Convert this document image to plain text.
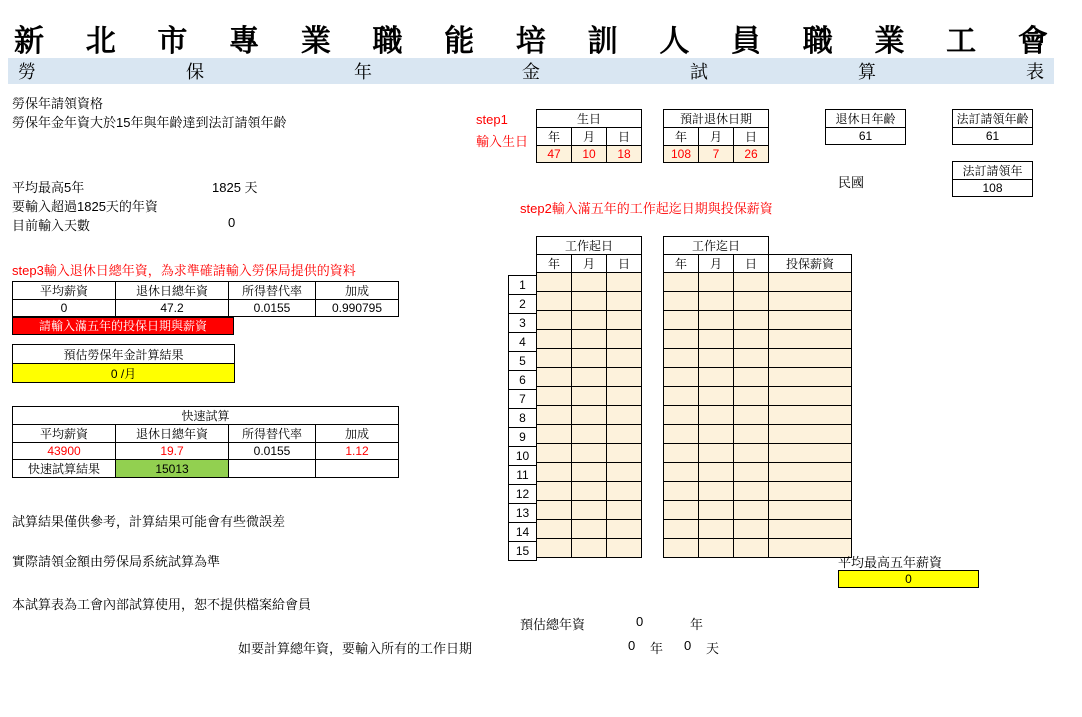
新 北 市 專 業 職 能 培 訓 人 員 職 業 工 會
勞	保	年	金	試	算	表
勞保年請領資格
勞保年金年資大於15年與年齡達到法訂請領年齡
平均最高5年	1825 天
要輸入超過1825天的年資
目前輸入天數	0
step1
輸入生日
生日		
年	月	日
47	10	18
預計退休日期		
年	月	日
108	7	26
退休日年齡
61
法訂請領年齡
61
法訂請領年
108
民國
step2輸入滿五年的工作起迄日期與投保薪資
step3輸入退休日總年資，為求準確請輸入勞保局提供的資料
平均薪資	退休日總年資	所得替代率	加成
0	47.2	0.0155	0.990795
請輸入滿五年的投保日期與薪資
預估勞保年金計算結果
0 /月
快速試算			
平均薪資	退休日總年資	所得替代率	加成
43900	19.7	0.0155	1.12
快速試算結果	15013		
試算結果僅供參考，計算結果可能會有些微誤差
實際請領金額由勞保局系統試算為準
本試算表為工會內部試算使用，恕不提供檔案給會員
1
2
3
4
5
6
7
8
9
10
11
12
13
14
15
工作起日		
年	月	日

工作迄日			
年	月	日	投保薪資

平均最高五年薪資
0
預估總年資	0	年
如要計算總年資，要輸入所有的工作日期	0 年 0 天
